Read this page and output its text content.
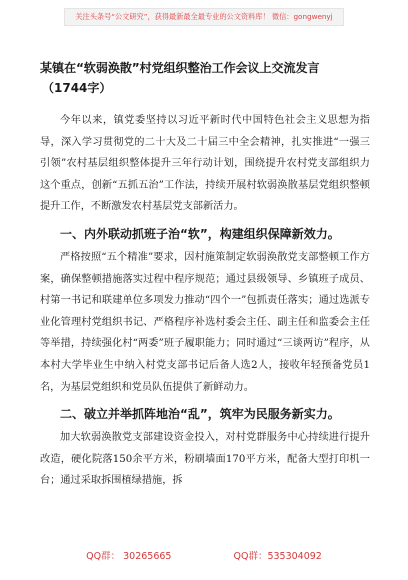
关注头条号“公文研究”，获得最新最全最专业的公文资料库！ 微信：gongwenyj
某镇在“软弱涣散”村党组织整治工作会议上交流发言
（1744字）

今年以来，镇党委坚持以习近平新时代中国特色社会主义思想为指导，深入学习贯彻党的二十大及二十届三中全会精神，扎实推进“一强三引领”农村基层组织整体提升三年行动计划，围绕提升农村党支部组织力这个重点，创新“五抓五治”工作法，持续开展村软弱涣散基层党组织整顿提升工作，不断激发农村基层党支部新活力。

一、内外联动抓班子治“软”，构建组织保障新效力。

严格按照“五个精准”要求，因村施策制定软弱涣散党支部整顿工作方案，确保整顿措施落实过程中程序规范；通过县级领导、乡镇班子成员、村第一书记和联建单位多项发力推动“四个一”包抓责任落实；通过选派专业化管理村党组织书记、严格程序补选村委会主任、副主任和监委会主任等举措，持续强化村“两委”班子履职能力；同时通过“三谈两访”程序，从本村大学毕业生中纳入村党支部书记后备人选2人，接收年轻预备党员1名，为基层党组织和党员队伍提供了新鲜动力。

二、破立并举抓阵地治“乱”，筑牢为民服务新实力。

加大软弱涣散党支部建设资金投入，对村党群服务中心持续进行提升改造，硬化院落150余平方米，粉刷墙面170平方米，配备大型打印机一台；通过采取拆围植绿措施，拆

QQ群： 30265665	QQ群：535304092
